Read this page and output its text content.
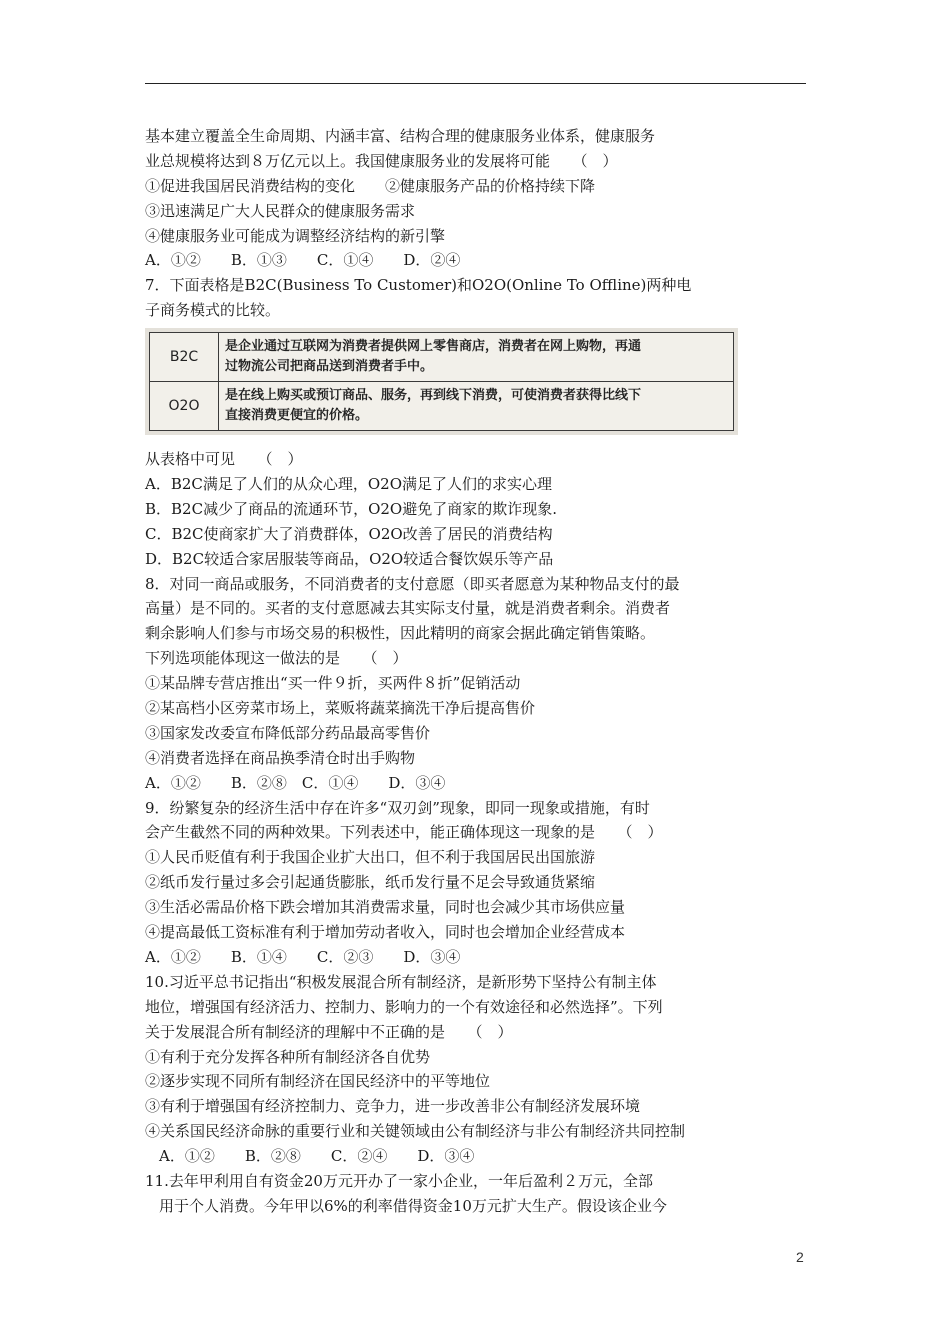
基本建立覆盖全生命周期、内涵丰富、结构合理的健康服务业体系，健康服务
业总规模将达到８万亿元以上。我国健康服务业的发展将可能　　（　）
①促进我国居民消费结构的变化　　②健康服务产品的价格持续下降
③迅速满足广大人民群众的健康服务需求
④健康服务业可能成为调整经济结构的新引擎
A．①②　　B．①③　　C．①④　　D．②④
7．下面表格是B2C(Business To Customer)和O2O(Online To Offline)两种电
子商务模式的比较。
B2C	是企业通过互联网为消费者提供网上零售商店，消费者在网上购物，再通
过物流公司把商品送到消费者手中。

O2O	是在线上购买或预订商品、服务，再到线下消费，可使消费者获得比线下
直接消费更便宜的价格。
从表格中可见　　（　）
A．B2C满足了人们的从众心理，O2O满足了人们的求实心理
B．B2C减少了商品的流通环节，O2O避免了商家的欺诈现象.
C．B2C使商家扩大了消费群体，O2O改善了居民的消费结构
D．B2C较适合家居服装等商品，O2O较适合餐饮娱乐等产品
8．对同一商品或服务，不同消费者的支付意愿（即买者愿意为某种物品支付的最
高量）是不同的。买者的支付意愿减去其实际支付量，就是消费者剩余。消费者
剩余影响人们参与市场交易的积极性，因此精明的商家会据此确定销售策略。
下列选项能体现这一做法的是　　（　）
①某品牌专营店推出“买一件９折，买两件８折”促销活动
②某高档小区旁菜市场上，菜贩将蔬菜摘洗干净后提高售价
③国家发改委宣布降低部分药品最高零售价
④消费者选择在商品换季清仓时出手购物
A．①②　　B．②⑧　C．①④　　D．③④
9．纷繁复杂的经济生活中存在许多“双刃剑”现象，即同一现象或措施，有时
会产生截然不同的两种效果。下列表述中，能正确体现这一现象的是　　（　）
①人民币贬值有利于我国企业扩大出口，但不利于我国居民出国旅游
②纸币发行量过多会引起通货膨胀，纸币发行量不足会导致通货紧缩
③生活必需品价格下跌会增加其消费需求量，同时也会减少其市场供应量
④提高最低工资标准有利于增加劳动者收入，同时也会增加企业经营成本
A．①②　　B．①④　　C．②③　　D．③④
10.习近平总书记指出“积极发展混合所有制经济，是新形势下坚持公有制主体
地位，增强国有经济活力、控制力、影响力的一个有效途径和必然选择”。下列
关于发展混合所有制经济的理解中不正确的是　　（　）
①有利于充分发挥各种所有制经济各自优势
②逐步实现不同所有制经济在国民经济中的平等地位
③有利于增强国有经济控制力、竞争力，进一步改善非公有制经济发展环境
④关系国民经济命脉的重要行业和关键领域由公有制经济与非公有制经济共同控制
A．①②　　B．②⑧　　C．②④　　D．③④
11.去年甲利用自有资金20万元开办了一家小企业，一年后盈利２万元，全部
用于个人消费。今年甲以6%的利率借得资金10万元扩大生产。假设该企业今
2
